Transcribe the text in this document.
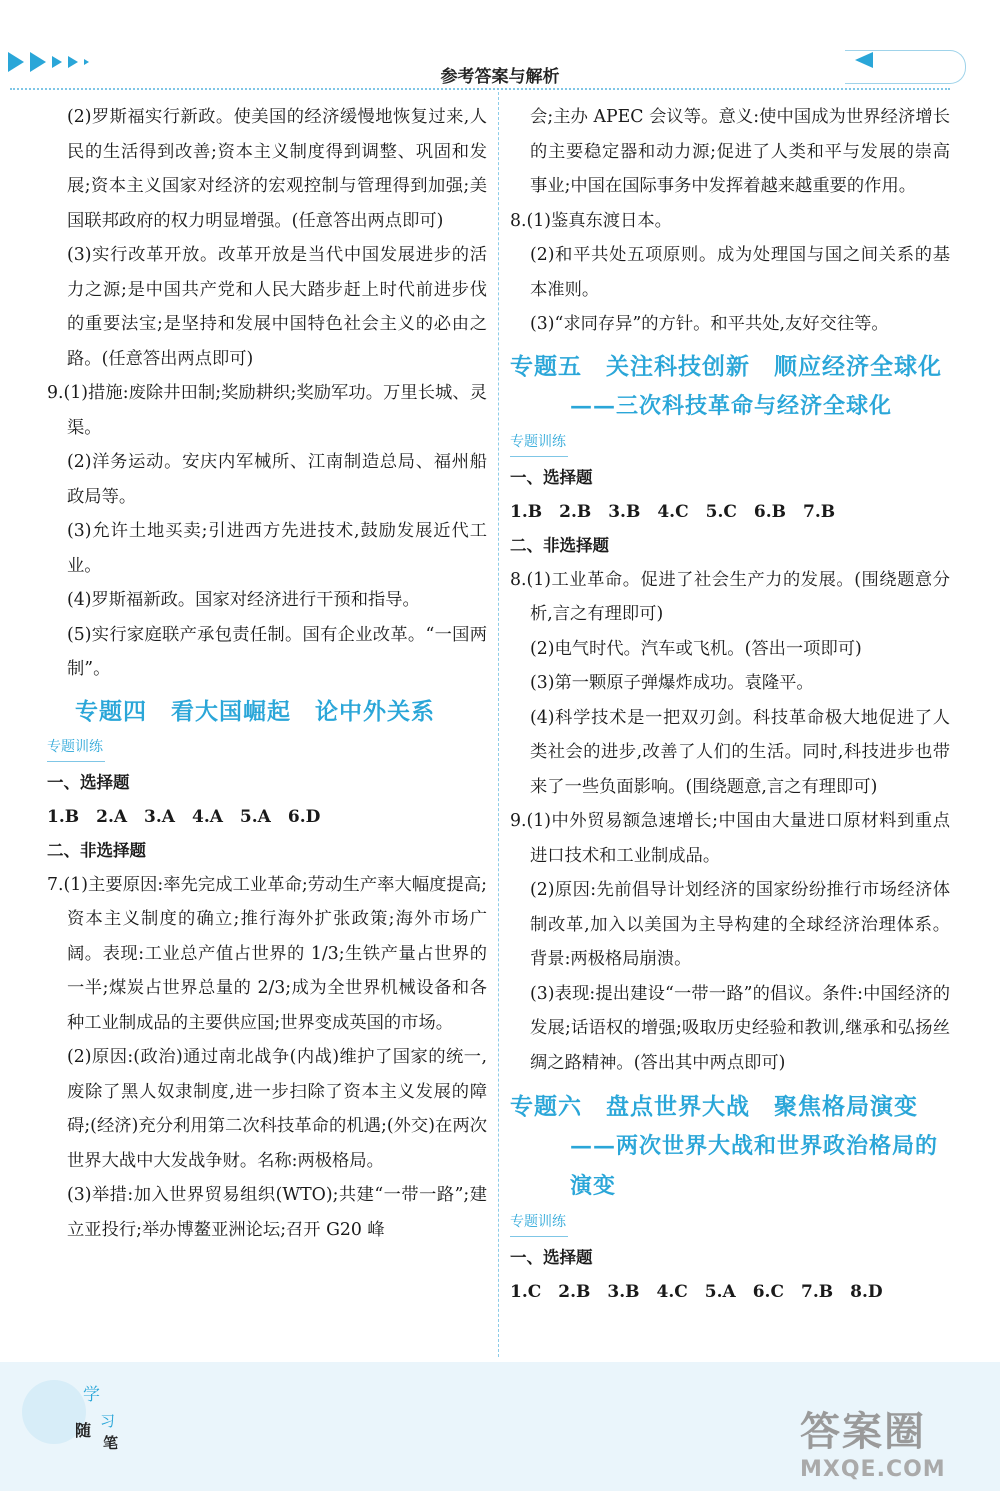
参考答案与解析

(2)罗斯福实行新政。使美国的经济缓慢地恢复过来,人民的生活得到改善;资本主义制度得到调整、巩固和发展;资本主义国家对经济的宏观控制与管理得到加强;美国联邦政府的权力明显增强。(任意答出两点即可)

(3)实行改革开放。改革开放是当代中国发展进步的活力之源;是中国共产党和人民大踏步赶上时代前进步伐的重要法宝;是坚持和发展中国特色社会主义的必由之路。(任意答出两点即可)

9.(1)措施:废除井田制;奖励耕织;奖励军功。万里长城、灵渠。

(2)洋务运动。安庆内军械所、江南制造总局、福州船政局等。

(3)允许土地买卖;引进西方先进技术,鼓励发展近代工业。

(4)罗斯福新政。国家对经济进行干预和指导。

(5)实行家庭联产承包责任制。国有企业改革。“一国两制”。

专题四　看大国崛起　论中外关系

专题训练

一、选择题

1.B　2.A　3.A　4.A　5.A　6.D

二、非选择题

7.(1)主要原因:率先完成工业革命;劳动生产率大幅度提高;资本主义制度的确立;推行海外扩张政策;海外市场广阔。表现:工业总产值占世界的 1/3;生铁产量占世界的一半;煤炭占世界总量的 2/3;成为全世界机械设备和各种工业制成品的主要供应国;世界变成英国的市场。

(2)原因:(政治)通过南北战争(内战)维护了国家的统一,废除了黑人奴隶制度,进一步扫除了资本主义发展的障碍;(经济)充分利用第二次科技革命的机遇;(外交)在两次世界大战中大发战争财。名称:两极格局。

(3)举措:加入世界贸易组织(WTO);共建“一带一路”;建立亚投行;举办博鳌亚洲论坛;召开 G20 峰

会;主办 APEC 会议等。意义:使中国成为世界经济增长的主要稳定器和动力源;促进了人类和平与发展的崇高事业;中国在国际事务中发挥着越来越重要的作用。

8.(1)鉴真东渡日本。

(2)和平共处五项原则。成为处理国与国之间关系的基本准则。

(3)“求同存异”的方针。和平共处,友好交往等。

专题五　关注科技创新　顺应经济全球化

——三次科技革命与经济全球化

专题训练

一、选择题

1.B　2.B　3.B　4.C　5.C　6.B　7.B

二、非选择题

8.(1)工业革命。促进了社会生产力的发展。(围绕题意分析,言之有理即可)

(2)电气时代。汽车或飞机。(答出一项即可)

(3)第一颗原子弹爆炸成功。袁隆平。

(4)科学技术是一把双刃剑。科技革命极大地促进了人类社会的进步,改善了人们的生活。同时,科技进步也带来了一些负面影响。(围绕题意,言之有理即可)

9.(1)中外贸易额急速增长;中国由大量进口原材料到重点进口技术和工业制成品。

(2)原因:先前倡导计划经济的国家纷纷推行市场经济体制改革,加入以美国为主导构建的全球经济治理体系。背景:两极格局崩溃。

(3)表现:提出建设“一带一路”的倡议。条件:中国经济的发展;话语权的增强;吸取历史经验和教训,继承和弘扬丝绸之路精神。(答出其中两点即可)

专题六　盘点世界大战　聚焦格局演变

——两次世界大战和世界政治格局的演变

专题训练

一、选择题

1.C　2.B　3.B　4.C　5.A　6.C　7.B　8.D

学
习
随
笔	答案圈
MXQE.COM
